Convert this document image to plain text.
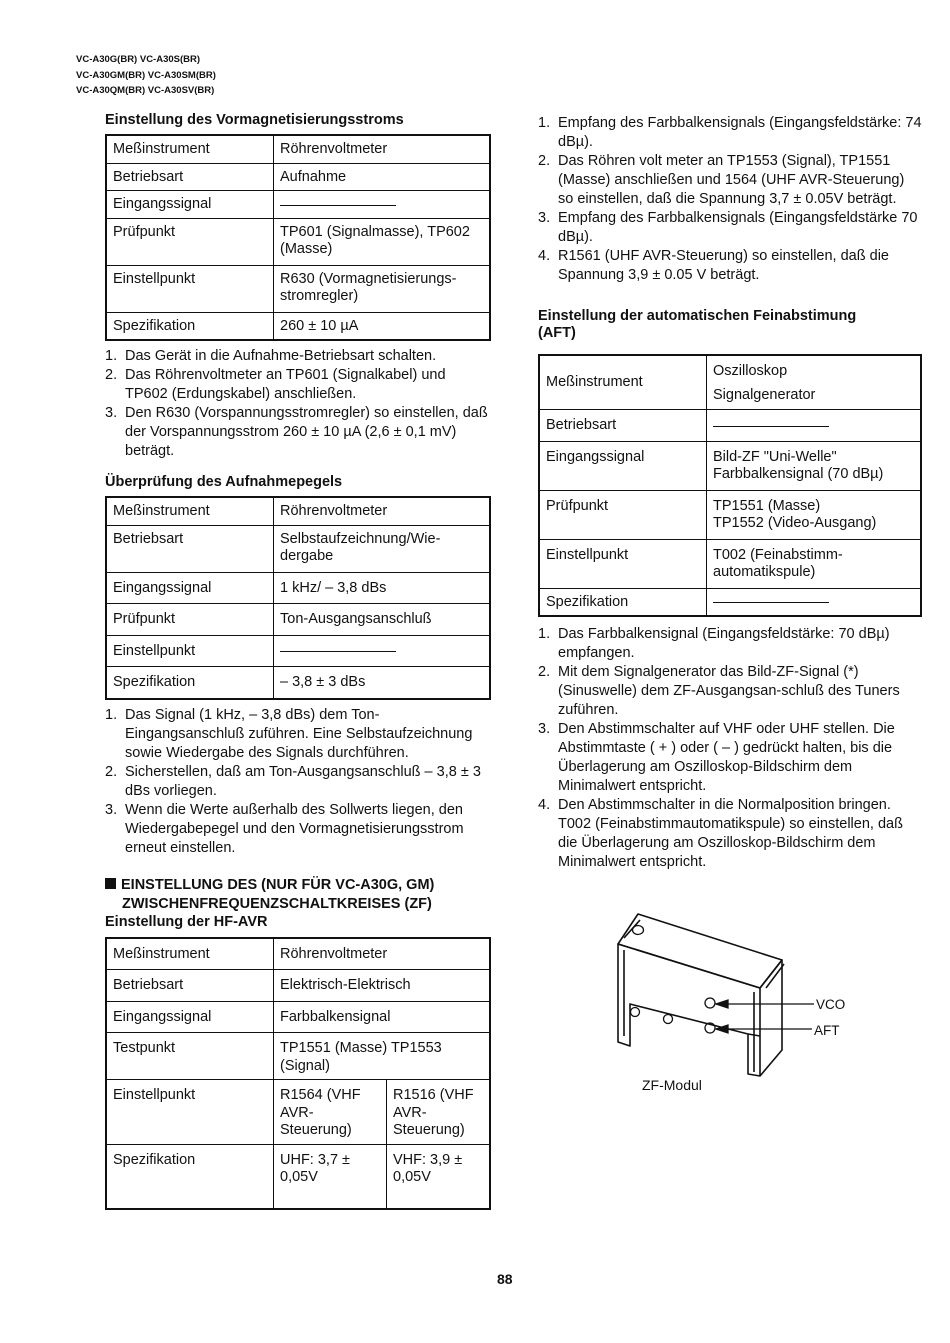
VC-A30G(BR) VC-A30S(BR)
VC-A30GM(BR) VC-A30SM(BR)
VC-A30QM(BR) VC-A30SV(BR)
Einstellung des Vormagnetisierungsstroms
Meßinstrument	Röhrenvoltmeter
Betriebsart	Aufnahme
Eingangssignal	
Prüfpunkt	TP601 (Signalmasse), TP602 (Masse)
Einstellpunkt	R630 (Vormagnetisierungs-stromregler)
Spezifikation	260 ± 10 µA
1. Das Gerät in die Aufnahme-Betriebsart schalten.
2. Das Röhrenvoltmeter an TP601 (Signalkabel) und TP602 (Erdungskabel) anschließen.
3. Den R630 (Vorspannungsstromregler) so einstellen, daß der Vorspannungsstrom 260 ± 10 µA (2,6 ± 0,1 mV) beträgt.
Überprüfung des Aufnahmepegels
Meßinstrument	Röhrenvoltmeter
Betriebsart	Selbstaufzeichnung/Wie-dergabe
Eingangssignal	1 kHz/ – 3,8 dBs
Prüfpunkt	Ton-Ausgangsanschluß
Einstellpunkt	
Spezifikation	– 3,8 ± 3 dBs
1. Das Signal (1 kHz, – 3,8 dBs) dem Ton-Eingangsanschluß zuführen. Eine Selbstaufzeichnung sowie Wiedergabe des Signals durchführen.
2. Sicherstellen, daß am Ton-Ausgangsanschluß – 3,8 ± 3 dBs vorliegen.
3. Wenn die Werte außerhalb des Sollwerts liegen, den Wiedergabepegel und den Vormagnetisierungsstrom erneut einstellen.
EINSTELLUNG DES (NUR FÜR VC-A30G, GM)
ZWISCHENFREQUENZSCHALTKREISES (ZF)
Einstellung der HF-AVR
Meßinstrument	Röhrenvoltmeter	
Betriebsart	Elektrisch-Elektrisch	
Eingangssignal	Farbbalkensignal	
Testpunkt	TP1551 (Masse) TP1553 (Signal)	
Einstellpunkt	R1564 (VHF AVR-Steuerung)	R1516 (VHF AVR-Steuerung)
Spezifikation	UHF: 3,7 ± 0,05V	VHF: 3,9 ± 0,05V
1. Empfang des Farbbalkensignals (Eingangsfeldstärke: 74 dBµ).
2. Das Röhren volt meter an TP1553 (Signal), TP1551 (Masse) anschließen und 1564 (UHF AVR-Steuerung) so einstellen, daß die Spannung 3,7 ± 0.05V beträgt.
3. Empfang des Farbbalkensignals (Eingangsfeldstärke 70 dBµ).
4. R1561 (UHF AVR-Steuerung) so einstellen, daß die Spannung 3,9 ± 0.05 V beträgt.
Einstellung der automatischen Feinabstimung (AFT)
Meßinstrument	Oszilloskop
Signalgenerator

Betriebsart	
Eingangssignal	Bild-ZF "Uni-Welle"
Farbbalkensignal (70 dBµ)

Prüfpunkt	TP1551 (Masse)
TP1552 (Video-Ausgang)

Einstellpunkt	T002 (Feinabstimm-
automatikspule)

Spezifikation	
1. Das Farbbalkensignal (Eingangsfeldstärke: 70 dBµ) empfangen.
2. Mit dem Signalgenerator das Bild-ZF-Signal (*) (Sinuswelle) dem ZF-Ausgangsan-schluß des Tuners zuführen.
3. Den Abstimmschalter auf VHF oder UHF stellen. Die Abstimmtaste ( + ) oder ( – ) gedrückt halten, bis die Überlagerung am Oszilloskop-Bildschirm dem Minimalwert entspricht.
4. Den Abstimmschalter in die Normalposition bringen. T002 (Feinabstimmautomatikspule) so einstellen, daß die Überlagerung am Oszilloskop-Bildschirm dem Minimalwert entspricht.
VCO
AFT
ZF-Modul
88
